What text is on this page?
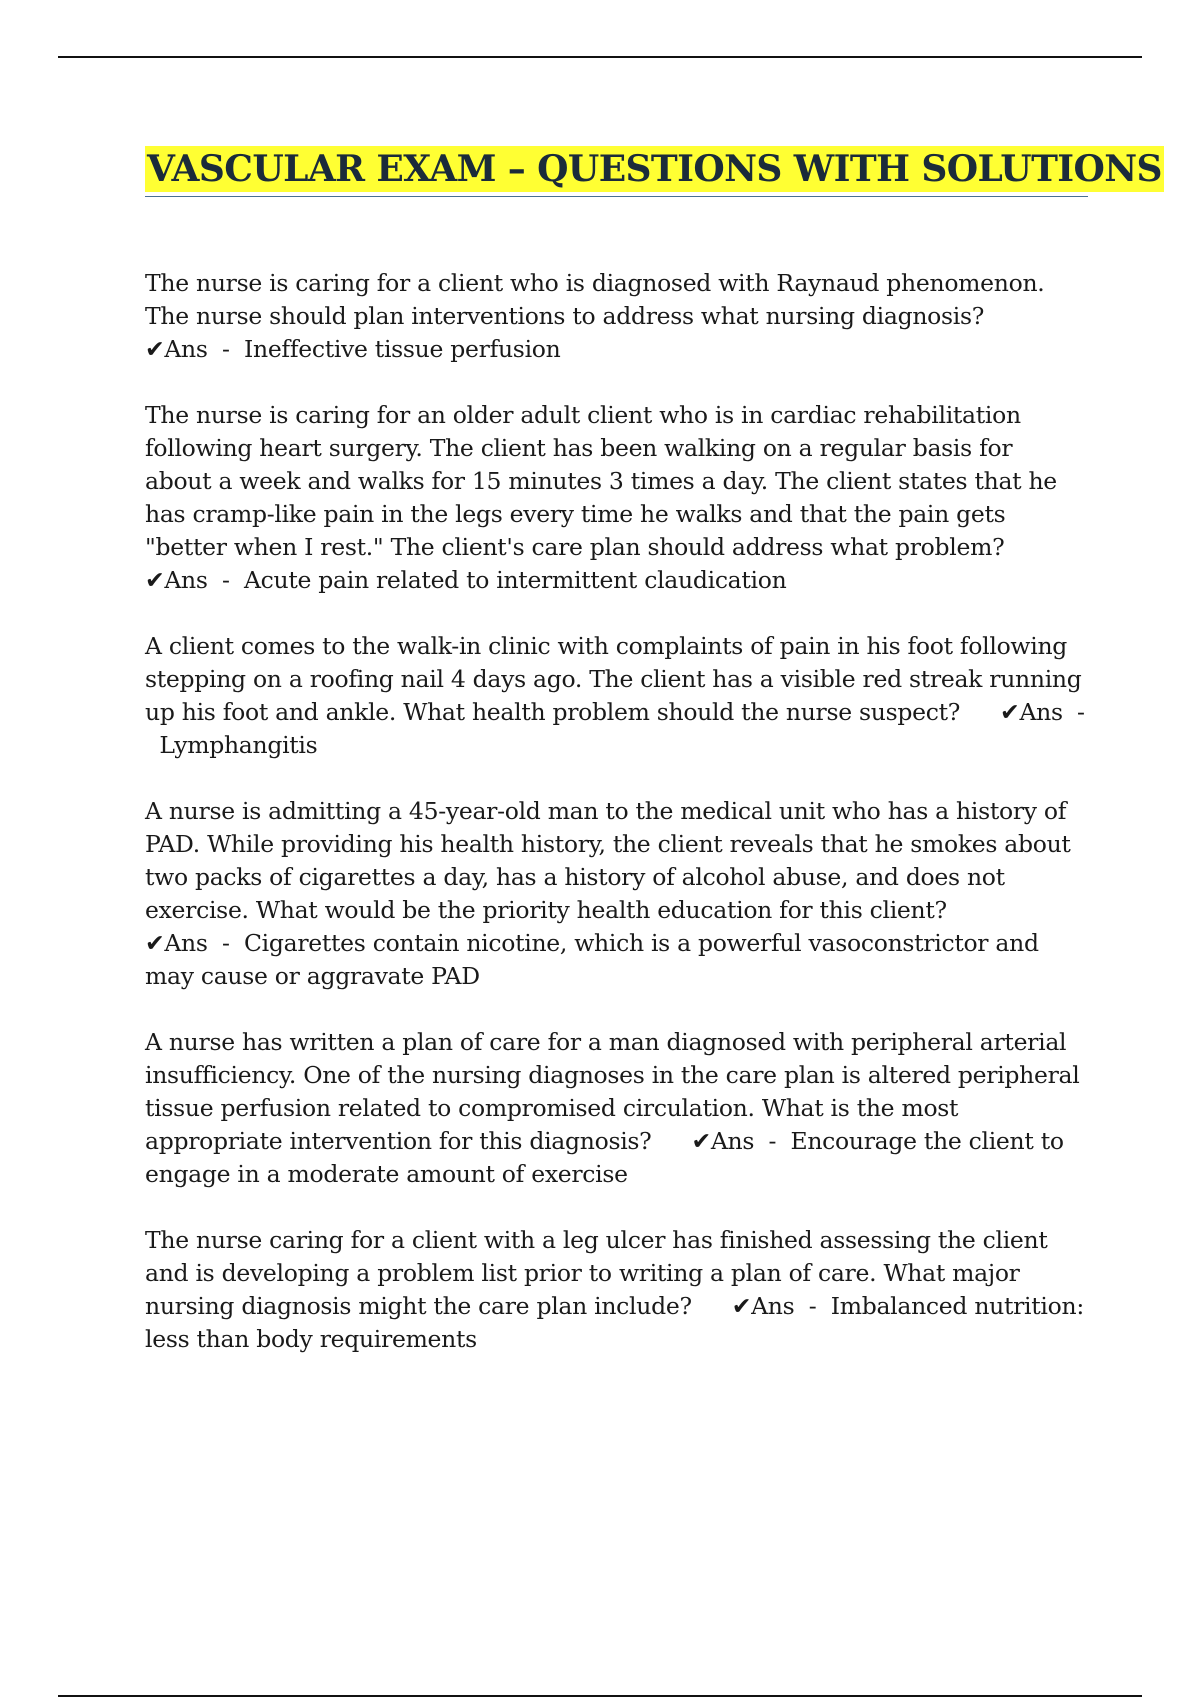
VASCULAR EXAM – QUESTIONS WITH SOLUTIONS

The nurse is caring for a client who is diagnosed with Raynaud phenomenon. The nurse should plan interventions to address what nursing diagnosis?
✔Ans  -  Ineffective tissue perfusion

The nurse is caring for an older adult client who is in cardiac rehabilitation following heart surgery. The client has been walking on a regular basis for about a week and walks for 15 minutes 3 times a day. The client states that he has cramp-like pain in the legs every time he walks and that the pain gets "better when I rest." The client's care plan should address what problem?
✔Ans  -  Acute pain related to intermittent claudication

A client comes to the walk-in clinic with complaints of pain in his foot following stepping on a roofing nail 4 days ago. The client has a visible red streak running up his foot and ankle. What health problem should the nurse suspect? ✔Ans  -  Lymphangitis

A nurse is admitting a 45-year-old man to the medical unit who has a history of PAD. While providing his health history, the client reveals that he smokes about two packs of cigarettes a day, has a history of alcohol abuse, and does not exercise. What would be the priority health education for this client?
✔Ans  -  Cigarettes contain nicotine, which is a powerful vasoconstrictor and may cause or aggravate PAD

A nurse has written a plan of care for a man diagnosed with peripheral arterial insufficiency. One of the nursing diagnoses in the care plan is altered peripheral tissue perfusion related to compromised circulation. What is the most appropriate intervention for this diagnosis? ✔Ans  -  Encourage the client to engage in a moderate amount of exercise

The nurse caring for a client with a leg ulcer has finished assessing the client and is developing a problem list prior to writing a plan of care. What major nursing diagnosis might the care plan include? ✔Ans  -  Imbalanced nutrition: less than body requirements
